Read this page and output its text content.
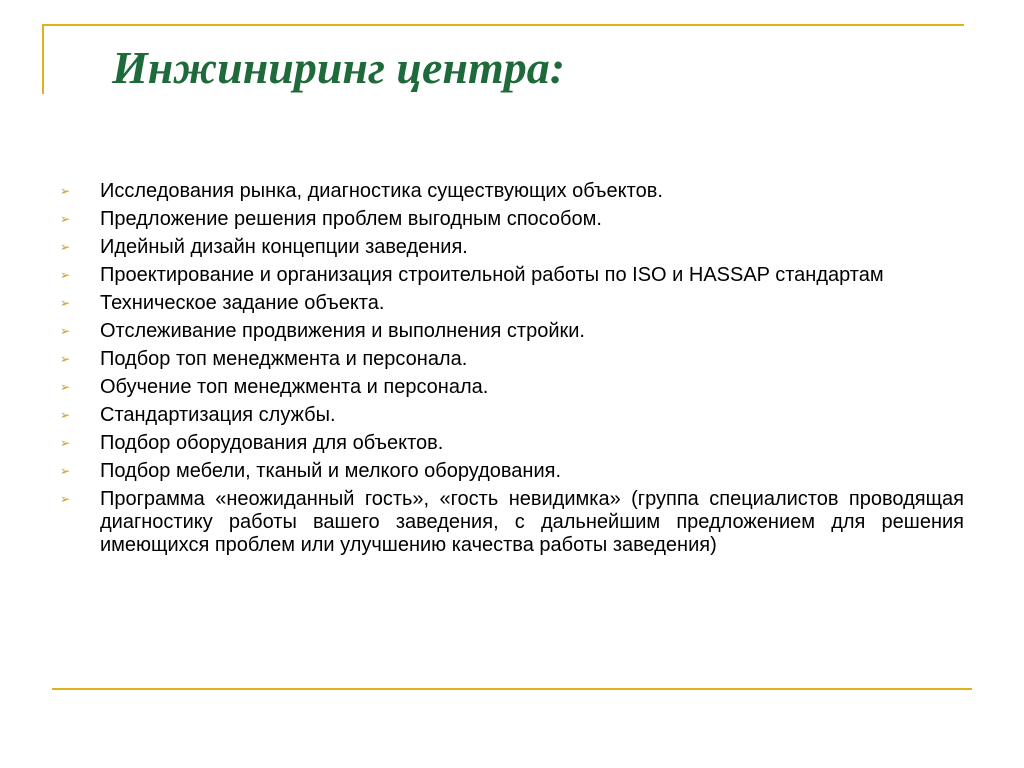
Инжиниринг центра:
➢ Исследования рынка, диагностика существующих объектов.
➢ Предложение решения проблем выгодным способом.
➢ Идейный дизайн концепции заведения.
➢ Проектирование и организация строительной работы по ISO и HASSAP стандартам
➢ Техническое задание объекта.
➢ Отслеживание продвижения и выполнения стройки.
➢ Подбор топ менеджмента и персонала.
➢ Обучение топ менеджмента и персонала.
➢ Стандартизация службы.
➢ Подбор оборудования для объектов.
➢ Подбор мебели, тканый и мелкого оборудования.
➢ Программа «неожиданный гость», «гость невидимка» (группа специалистов проводящая диагностику работы вашего заведения, с дальнейшим предложением для решения имеющихся проблем или улучшению качества работы заведения)
